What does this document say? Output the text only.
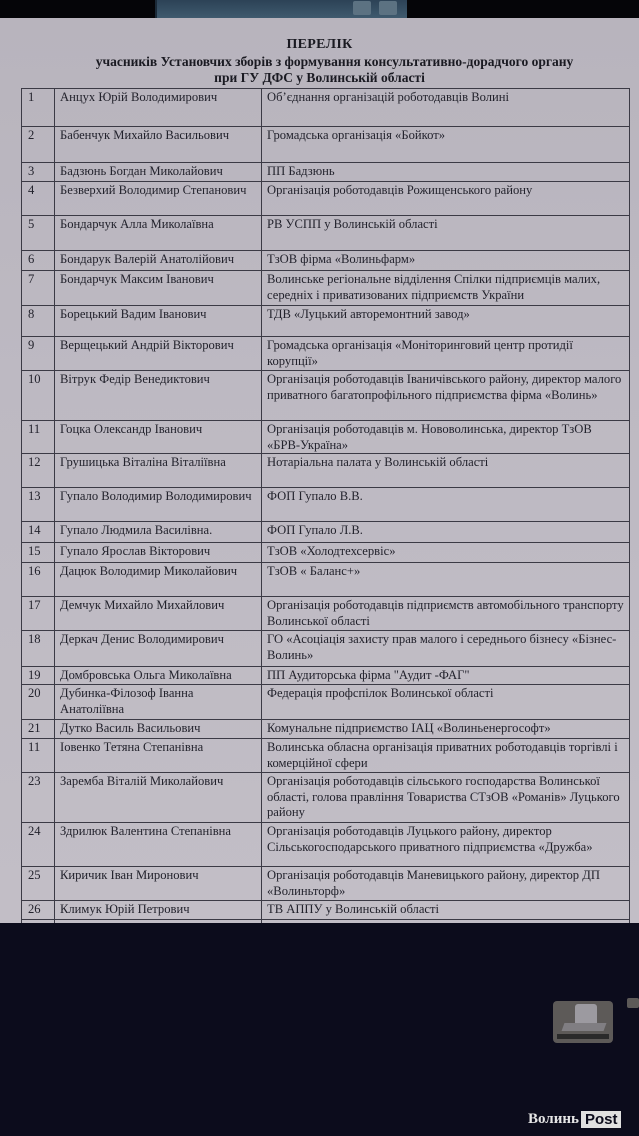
ПЕРЕЛІК
учасників Установчих зборів з формування консультативно-дорадчого органу
при ГУ ДФС у Волинській області
1	Анцух Юрій Володимирович	Об’єднання організацій роботодавців Волині
2	Бабенчук Михайло Васильович	Громадська організація «Бойкот»
3	Бадзюнь Богдан Миколайович	ПП Бадзюнь
4	Безверхий Володимир Степанович	Організація роботодавців Рожищенського району
5	Бондарчук Алла Миколаївна	РВ УСПП у Волинській області
6	Бондарук Валерій Анатолійович	ТзОВ фірма «Волиньфарм»
7	Бондарчук Максим Іванович	Волинське регіональне відділення Спілки підприємців малих, середніх і приватизованих підприємств України
8	Борецький Вадим Іванович	ТДВ «Луцький авторемонтний завод»
9	Верщецький Андрій Вікторович	Громадська організація «Моніторинговий центр протидії корупції»
10	Вітрук Федір Венедиктович	Організація роботодавців Іваничівського району, директор малого приватного багатопрофільного підприємства фірма «Волинь»
11	Гоцка Олександр Іванович	Організація роботодавців м. Нововолинська, директор ТзОВ «БРВ-Україна»
12	Грушицька Віталіна Віталіївна	Нотаріальна палата у Волинській області
13	Гупало Володимир Володимирович	ФОП Гупало В.В.
14	Гупало Людмила Василівна.	ФОП Гупало Л.В.
15	Гупало Ярослав Вікторович	ТзОВ «Холодтехсервіс»
16	Дацюк Володимир Миколайович	ТзОВ « Баланс+»
17	Демчук Михайло Михайлович	Організація роботодавців підприємств автомобільного транспорту Волинської області
18	Деркач Денис Володимирович	ГО «Асоціація захисту прав малого і середнього бізнесу «Бізнес- Волинь»
19	Домбровська Ольга Миколаївна	ПП Аудиторська фірма "Аудит -ФАГ"
20	Дубинка-Філозоф Іванна Анатоліївна	Федерація профспілок Волинської області
21	Дутко Василь Васильович	Комунальне підприємство ІАЦ «Волиньенергософт»
11	Іовенко Тетяна Степанівна	Волинська обласна організація приватних роботодавців торгівлі і комерційної сфери
23	Заремба Віталій Миколайович	Організація роботодавців сільського господарства Волинської області, голова правління Товариства СТзОВ «Романів» Луцького району
24	Здрилюк Валентина Степанівна	Організація роботодавців Луцького району, директор Сільськогосподарського приватного підприємства «Дружба»
25	Киричик Іван Миронович	Організація роботодавців Маневицького району, директор ДП «Волиньторф»
26	Климук Юрій Петрович	ТВ АППУ у Волинській області

Волинь Post
